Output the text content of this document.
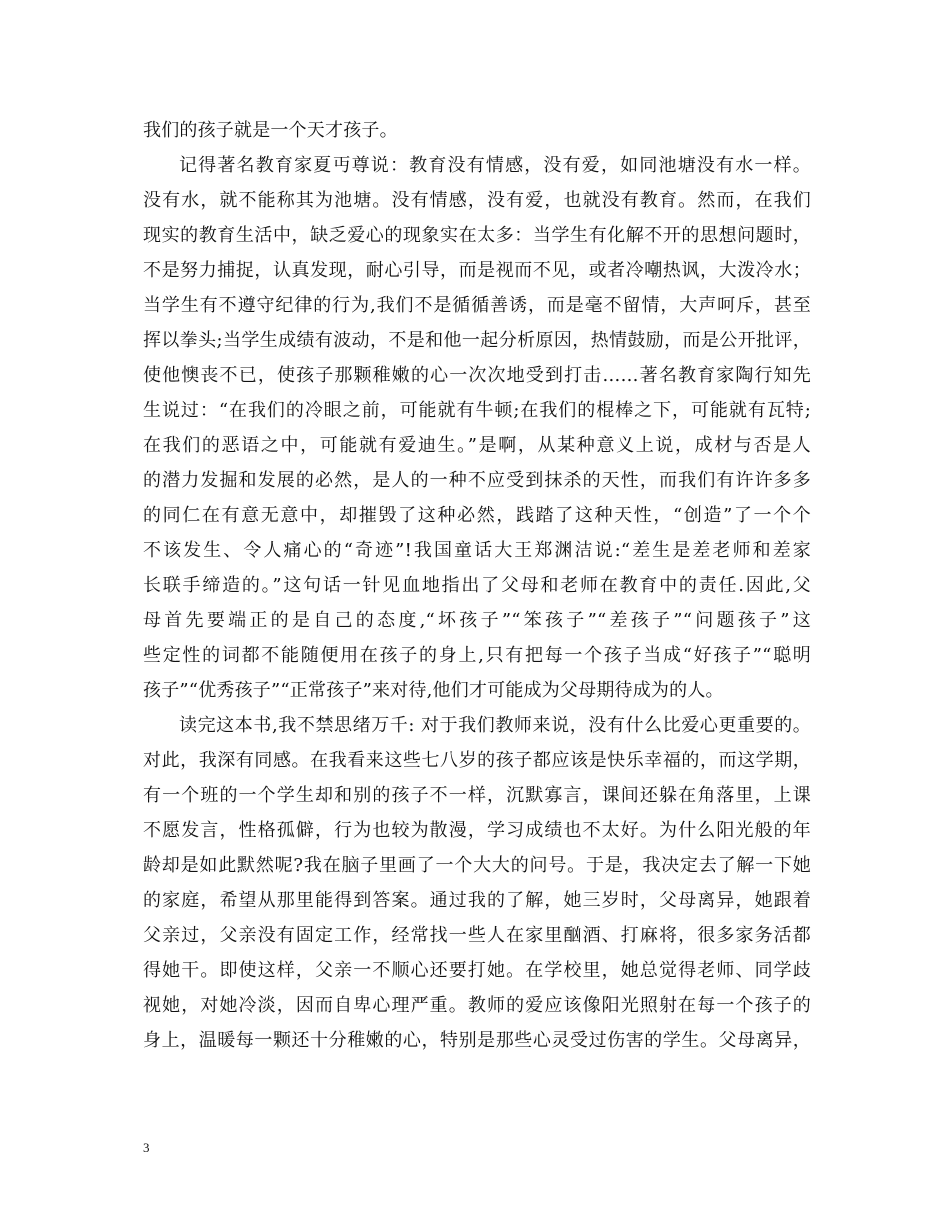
我们的孩子就是一个天才孩子。
记得著名教育家夏丏尊说：教育没有情感，没有爱，如同池塘没有水一样。
没有水，就不能称其为池塘。没有情感，没有爱，也就没有教育。然而，在我们
现实的教育生活中，缺乏爱心的现象实在太多：当学生有化解不开的思想问题时，
不是努力捕捉，认真发现，耐心引导，而是视而不见，或者冷嘲热讽，大泼冷水；
当学生有不遵守纪律的行为,我们不是循循善诱，而是毫不留情，大声呵斥，甚至
挥以拳头;当学生成绩有波动，不是和他一起分析原因，热情鼓励，而是公开批评，
使他懊丧不已，使孩子那颗稚嫩的心一次次地受到打击……著名教育家陶行知先
生说过：“在我们的冷眼之前，可能就有牛顿;在我们的棍棒之下，可能就有瓦特;
在我们的恶语之中，可能就有爱迪生。”是啊，从某种意义上说，成材与否是人
的潜力发掘和发展的必然，是人的一种不应受到抹杀的天性，而我们有许许多多
的同仁在有意无意中，却摧毁了这种必然，践踏了这种天性，“创造”了一个个
不该发生、令人痛心的“奇迹”!我国童话大王郑渊洁说:“差生是差老师和差家
长联手缔造的。”这句话一针见血地指出了父母和老师在教育中的责任.因此,父
母首先要端正的是自己的态度,“坏孩子”“笨孩子”“差孩子”“问题孩子”这
些定性的词都不能随便用在孩子的身上,只有把每一个孩子当成“好孩子”“聪明
孩子”“优秀孩子”“正常孩子”来对待,他们才可能成为父母期待成为的人。
读完这本书,我不禁思绪万千: 对于我们教师来说，没有什么比爱心更重要的。
对此，我深有同感。在我看来这些七八岁的孩子都应该是快乐幸福的，而这学期，
有一个班的一个学生却和别的孩子不一样，沉默寡言，课间还躲在角落里，上课
不愿发言，性格孤僻，行为也较为散漫，学习成绩也不太好。为什么阳光般的年
龄却是如此默然呢?我在脑子里画了一个大大的问号。于是，我决定去了解一下她
的家庭，希望从那里能得到答案。通过我的了解，她三岁时，父母离异，她跟着
父亲过，父亲没有固定工作，经常找一些人在家里酗酒、打麻将，很多家务活都
得她干。即使这样，父亲一不顺心还要打她。在学校里，她总觉得老师、同学歧
视她，对她冷淡，因而自卑心理严重。教师的爱应该像阳光照射在每一个孩子的
身上，温暖每一颗还十分稚嫩的心，特别是那些心灵受过伤害的学生。父母离异，
3
